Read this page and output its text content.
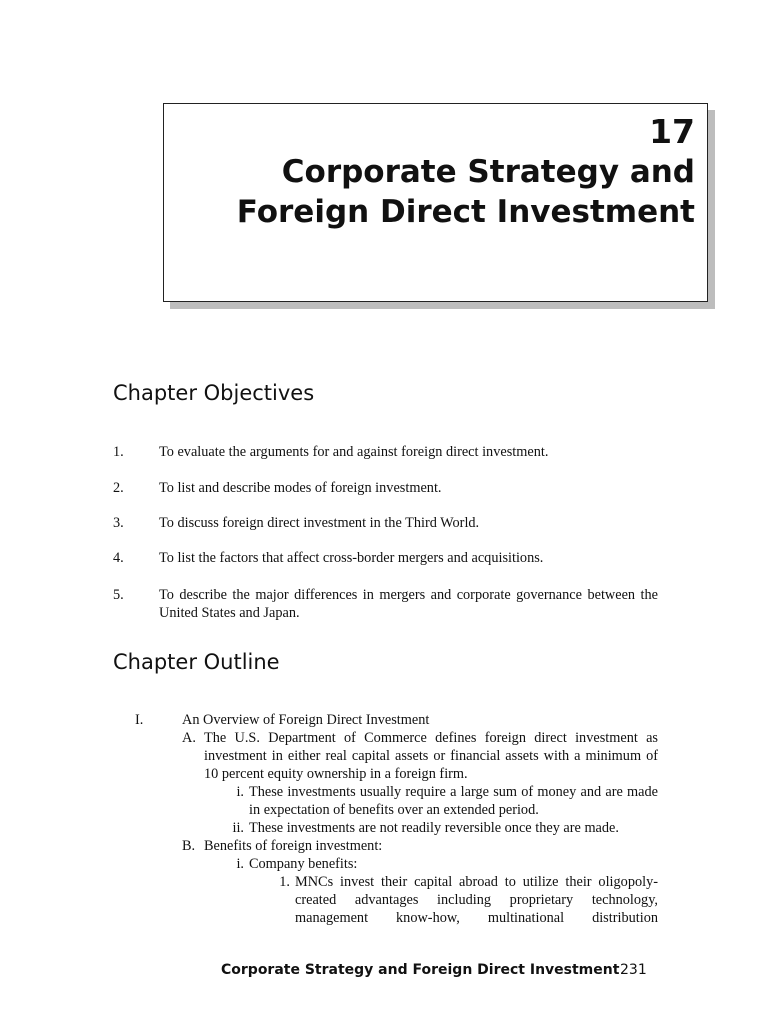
17
Corporate Strategy and
Foreign Direct Investment
Chapter Objectives
1. To evaluate the arguments for and against foreign direct investment.
2. To list and describe modes of foreign investment.
3. To discuss foreign direct investment in the Third World.
4. To list the factors that affect cross-border mergers and acquisitions.
5. To describe the major differences in mergers and corporate governance between the United States and Japan.
Chapter Outline
I.	An Overview of Foreign Direct Investment
A. The U.S. Department of Commerce defines foreign direct investment as investment in either real capital assets or financial assets with a minimum of 10 percent equity ownership in a foreign firm.
i. These investments usually require a large sum of money and are made in expectation of benefits over an extended period.
ii. These investments are not readily reversible once they are made.
B. Benefits of foreign investment:
i. Company benefits:
1. MNCs invest their capital abroad to utilize their oligopoly-created advantages including proprietary technology, management know-how, multinational distribution
Corporate Strategy and Foreign Direct Investment 231
